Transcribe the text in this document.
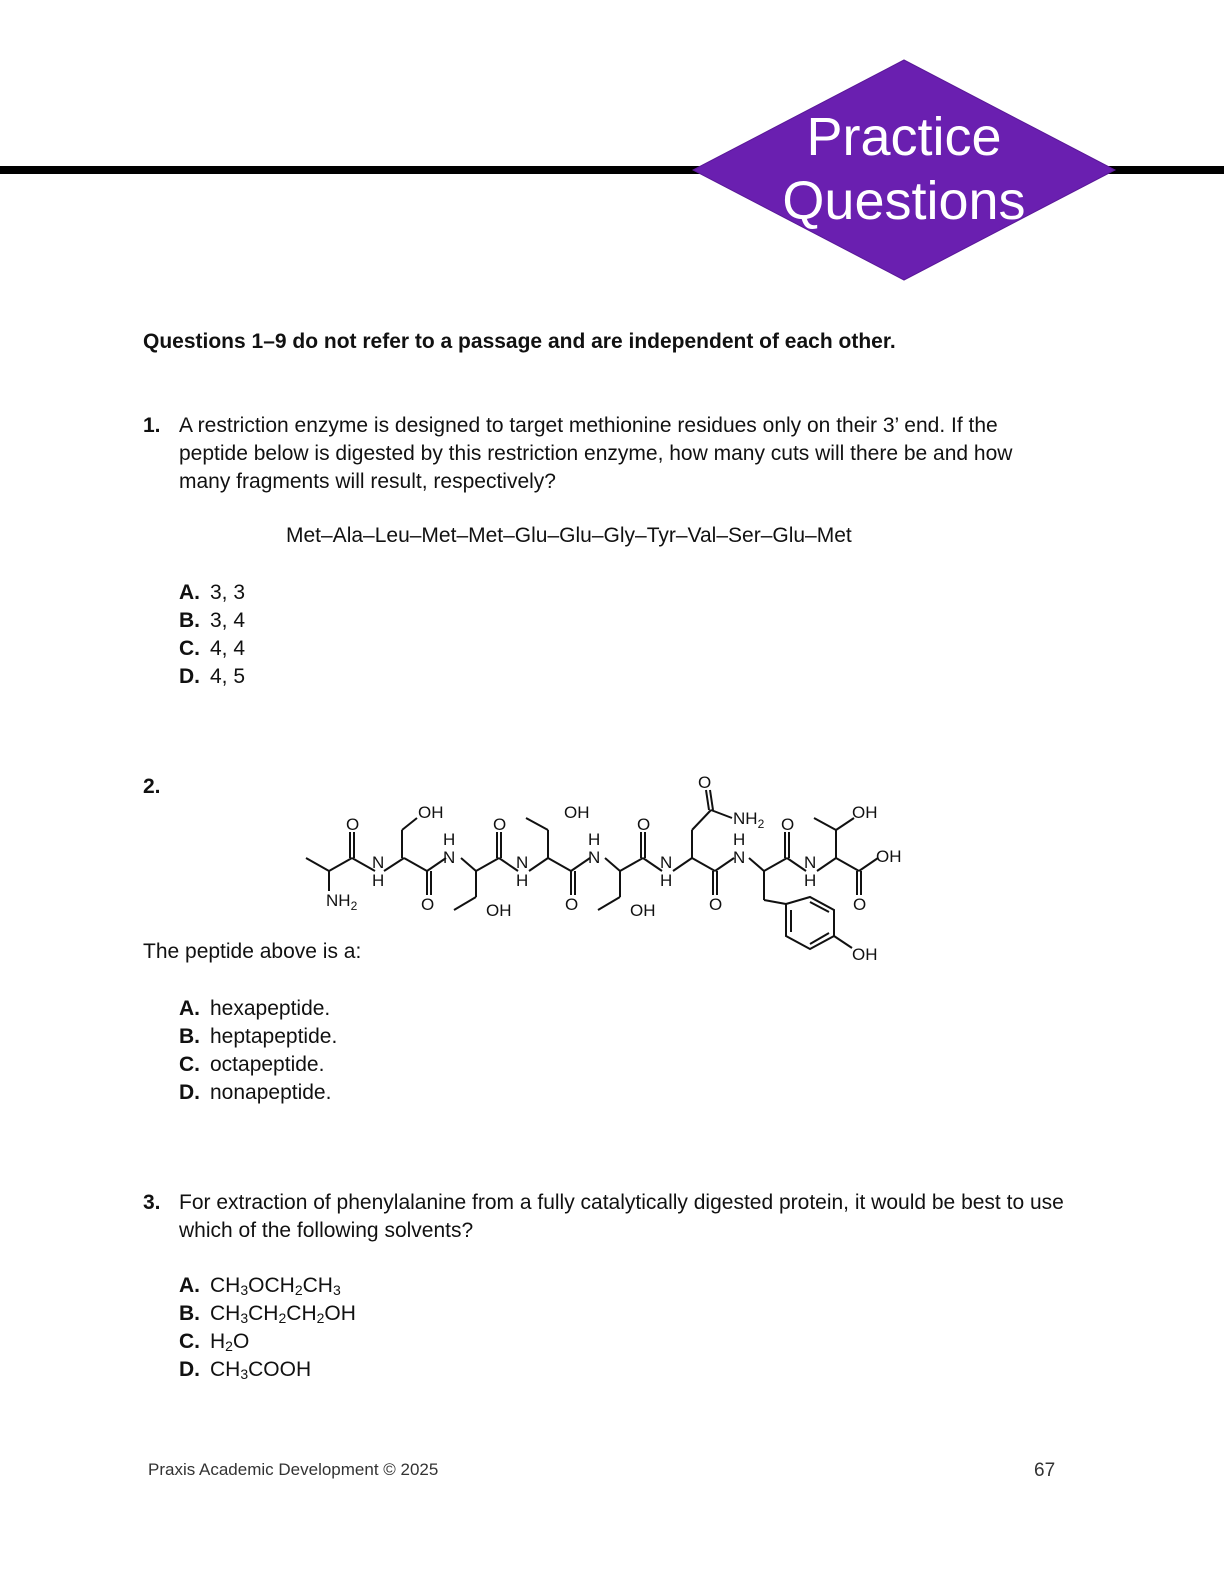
Practice
Questions
Questions 1–9 do not refer to a passage and are independent of each other.
1. A restriction enzyme is designed to target methionine residues only on their 3’ end. If the peptide below is digested by this restriction enzyme, how many cuts will there be and how many fragments will result, respectively?
Met–Ala–Leu–Met–Met–Glu–Glu–Gly–Tyr–Val–Ser–Glu–Met
A. 3, 3
B. 3, 4
C. 4, 4
D. 4, 5
2.
$NH_2$
O
N
H
OH
O
H
N
OH
O
N
H
OH
O
H
N
OH
O
N
H
O
$NH_2$
O
H
N
O
N
H
OH
O
OH
OH
The peptide above is a:
A. hexapeptide.
B. heptapeptide.
C. octapeptide.
D. nonapeptide.
3. For extraction of phenylalanine from a fully catalytically digested protein, it would be best to use which of the following solvents?
A. $CH_3OCH_2CH_3$
B. $CH_3CH_2CH_2OH$
C. $H_2O$
D. $CH_3COOH$
Praxis Academic Development © 2025	67
